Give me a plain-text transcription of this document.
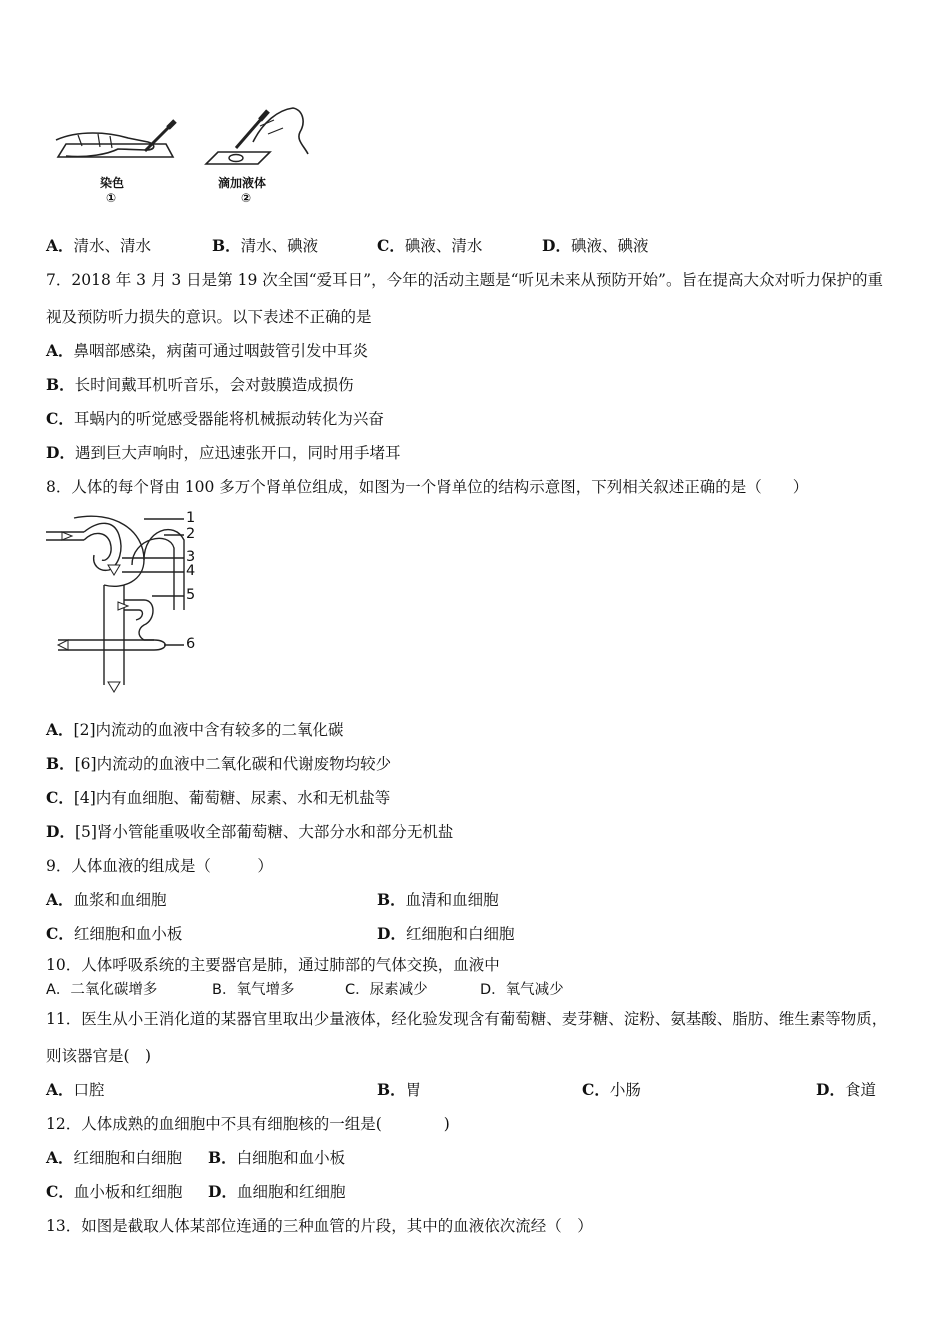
染色
①
滴加液体
②
A．清水、清水	B．清水、碘液	C．碘液、清水	D．碘液、碘液
7．2018 年 3 月 3 日是第 19 次全国“爱耳日”，今年的活动主题是“听见未来从预防开始”。旨在提高大众对听力保护的重
视及预防听力损失的意识。以下表述不正确的是
A．鼻咽部感染，病菌可通过咽鼓管引发中耳炎
B．长时间戴耳机听音乐，会对鼓膜造成损伤
C．耳蜗内的听觉感受器能将机械振动转化为兴奋
D．遇到巨大声响时，应迅速张开口，同时用手堵耳
8．人体的每个肾由 100 多万个肾单位组成，如图为一个肾单位的结构示意图，下列相关叙述正确的是（　　）
1
2
3
4
5
6
A．[2]内流动的血液中含有较多的二氧化碳
B．[6]内流动的血液中二氧化碳和代谢废物均较少
C．[4]内有血细胞、葡萄糖、尿素、水和无机盐等
D．[5]肾小管能重吸收全部葡萄糖、大部分水和部分无机盐
9．人体血液的组成是（　　　）
A．血浆和血细胞	B．血清和血细胞
C．红细胞和血小板	D．红细胞和白细胞
10．人体呼吸系统的主要器官是肺，通过肺部的气体交换，血液中
A．二氧化碳增多	B．氧气增多	C．尿素减少	D．氧气减少
11．医生从小王消化道的某器官里取出少量液体，经化验发现含有葡萄糖、麦芽糖、淀粉、氨基酸、脂肪、维生素等物质，
则该器官是(　)
A．口腔	B．胃	C．小肠	D．食道
12．人体成熟的血细胞中不具有细胞核的一组是(　　　　)
A．红细胞和白细胞 B．白细胞和血小板
C．血小板和红细胞 D．血细胞和红细胞
13．如图是截取人体某部位连通的三种血管的片段，其中的血液依次流经（　）
